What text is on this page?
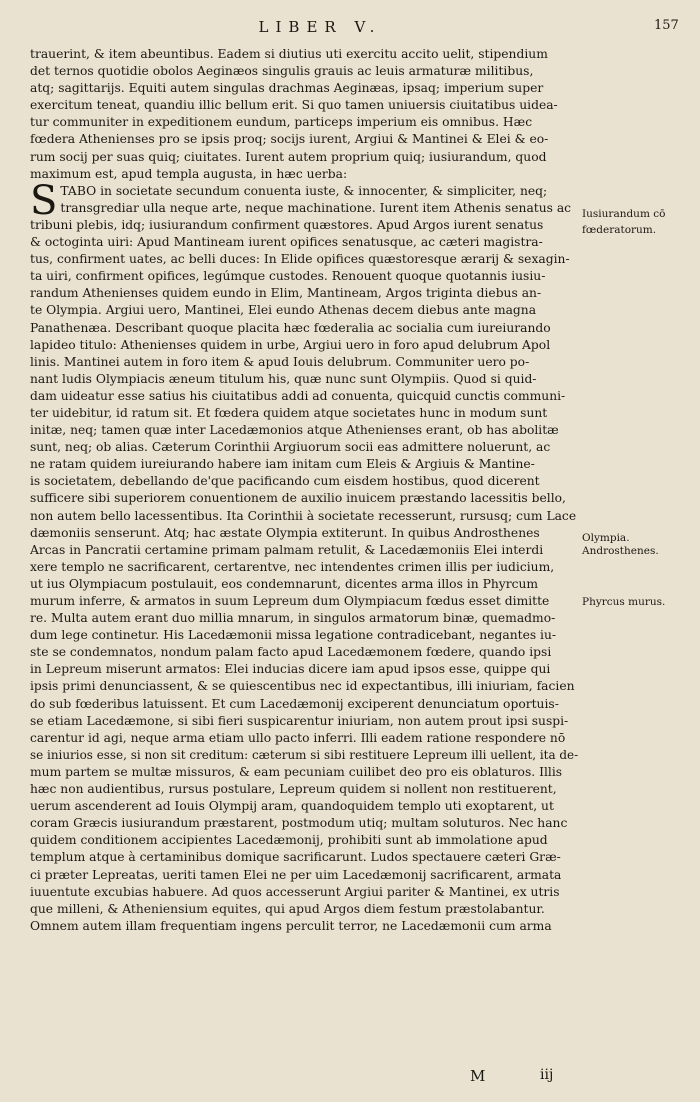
LIBER V.	157
trauerint, & item abeuntibus. Eadem si diutius uti exercitu accito uelit, stipendium
det ternos quotidie obolos Aeginæos singulis grauis ac leuis armaturæ militibus,
atq; sagittarijs. Equiti autem singulas drachmas Aeginæas, ipsaq; imperium super
exercitum teneat, quandiu illic bellum erit. Si quo tamen uniuersis ciuitatibus uidea-
tur communiter in expeditionem eundum, particeps imperium eis omnibus. Hæc
fœdera Athenienses pro se ipsis proq; socijs iurent, Argiui & Mantinei & Elei & eo-
rum socij per suas quiq; ciuitates. Iurent autem proprium quiq; iusiurandum, quod
maximum est, apud templa augusta, in hæc uerba:
S TABO in societate secundum conuenta iuste, & innocenter, & simpliciter, neq;
transgrediar ulla neque arte, neque machinatione. Iurent item Athenis senatus ac
tribuni plebis, idq; iusiurandum confirment quæstores. Apud Argos iurent senatus
& octoginta uiri: Apud Mantineam iurent opifices senatusque, ac cæteri magistra-
tus, confirment uates, ac belli duces: In Elide opifices quæstoresque ærarij & sexagin-
ta uiri, confirment opifices, legúmque custodes. Renouent quoque quotannis iusiu-
randum Athenienses quidem eundo in Elim, Mantineam, Argos triginta diebus an-
te Olympia. Argiui uero, Mantinei, Elei eundo Athenas decem diebus ante magna
Panathenæa. Describant quoque placita hæc fœderalia ac socialia cum iureiurando
lapideo titulo: Athenienses quidem in urbe, Argiui uero in foro apud delubrum Apol
linis. Mantinei autem in foro item & apud Iouis delubrum. Communiter uero po-
nant ludis Olympiacis æneum titulum his, quæ nunc sunt Olympiis. Quod si quid-
dam uideatur esse satius his ciuitatibus addi ad conuenta, quicquid cunctis communi-
ter uidebitur, id ratum sit. Et fœdera quidem atque societates hunc in modum sunt
initæ, neq; tamen quæ inter Lacedæmonios atque Athenienses erant, ob has abolitæ
sunt, neq; ob alias. Cæterum Corinthii Argiuorum socii eas admittere noluerunt, ac
ne ratam quidem iureiurando habere iam initam cum Eleis & Argiuis & Mantine-
is societatem, debellando de'que pacificando cum eisdem hostibus, quod dicerent
sufficere sibi superiorem conuentionem de auxilio inuicem præstando lacessitis bello,
non autem bello lacessentibus. Ita Corinthii à societate recesserunt, rursusq; cum Lace
dæmoniis senserunt. Atq; hac æstate Olympia extiterunt. In quibus Androsthenes
Arcas in Pancratii certamine primam palmam retulit, & Lacedæmoniis Elei interdi
xere templo ne sacrificarent, certarentve, nec intendentes crimen illis per iudicium,
ut ius Olympiacum postulauit, eos condemnarunt, dicentes arma illos in Phyrcum
murum inferre, & armatos in suum Lepreum dum Olympiacum fœdus esset dimitte
re. Multa autem erant duo millia mnarum, in singulos armatorum binæ, quemadmo-
dum lege continetur. His Lacedæmonii missa legatione contradicebant, negantes iu-
ste se condemnatos, nondum palam facto apud Lacedæmonem fœdere, quando ipsi
in Lepreum miserunt armatos: Elei inducias dicere iam apud ipsos esse, quippe qui
ipsis primi denunciassent, & se quiescentibus nec id expectantibus, illi iniuriam, facien
do sub fœderibus latuissent. Et cum Lacedæmonij exciperent denunciatum oportuis-
se etiam Lacedæmone, si sibi fieri suspicarentur iniuriam, non autem prout ipsi suspi-
carentur id agi, neque arma etiam ullo pacto inferri. Illi eadem ratione respondere nō
se iniurios esse, si non sit creditum: cæterum si sibi restituere Lepreum illi uellent, ita de-
mum partem se multæ missuros, & eam pecuniam cuilibet deo pro eis oblaturos. Illis
hæc non audientibus, rursus postulare, Lepreum quidem si nollent non restituerent,
uerum ascenderent ad Iouis Olympij aram, quandoquidem templo uti exoptarent, ut
coram Græcis iusiurandum præstarent, postmodum utiq; multam soluturos. Nec hanc
quidem conditionem accipientes Lacedæmonij, prohibiti sunt ab immolatione apud
templum atque à certaminibus domique sacrificarunt. Ludos spectauere cæteri Græ-
ci præter Lepreatas, ueriti tamen Elei ne per uim Lacedæmonij sacrificarent, armata
iuuentute excubias habuere. Ad quos accesserunt Argiui pariter & Mantinei, ex utris
que milleni, & Atheniensium equites, qui apud Argos diem festum præstolabantur.
Omnem autem illam frequentiam ingens perculit terror, ne Lacedæmonii cum arma
Iusiurandum cō
fœderatorum.
Olympia.
Androsthenes.
Phyrcus murus.
M	iij
